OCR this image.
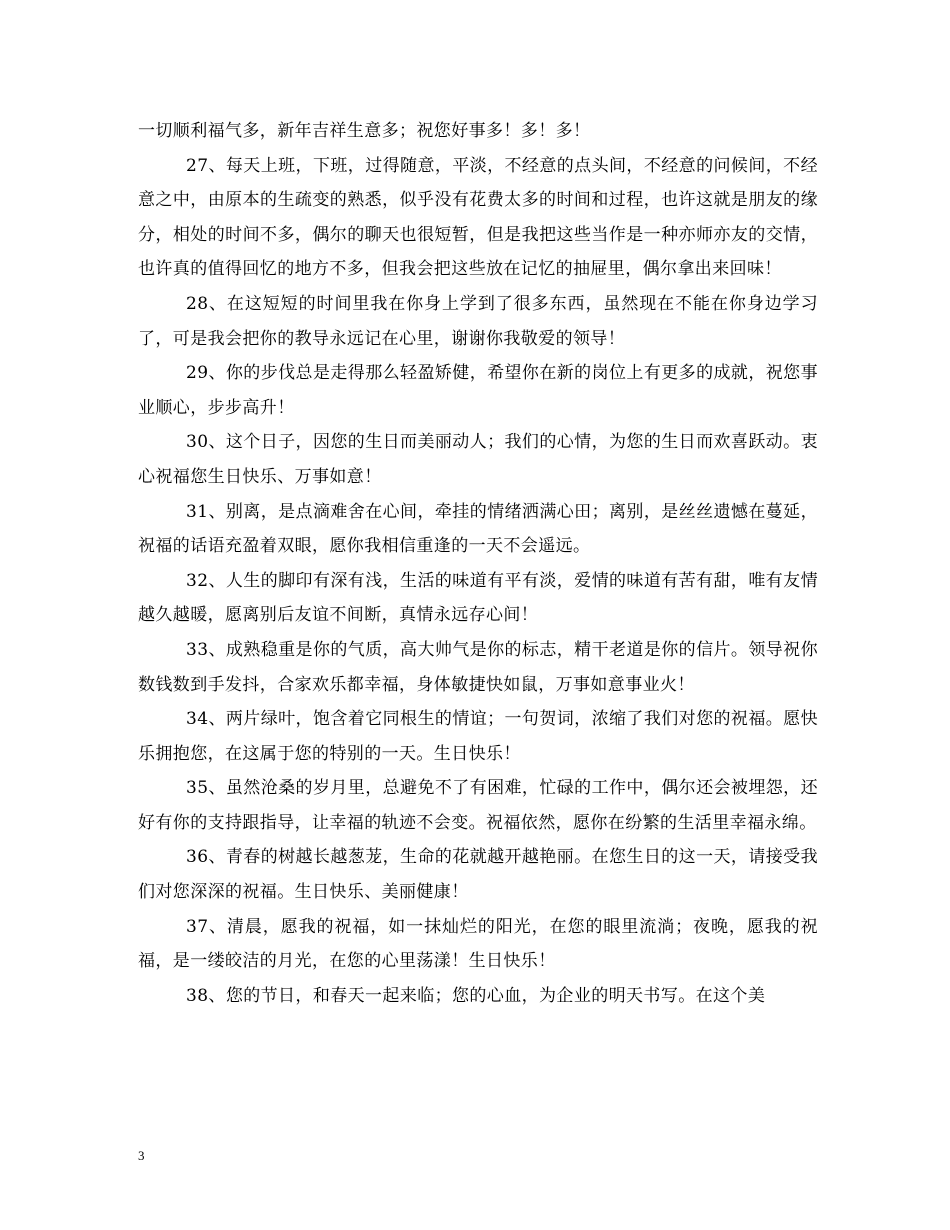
一切顺利福气多，新年吉祥生意多；祝您好事多！多！多！

27、每天上班，下班，过得随意，平淡，不经意的点头间，不经意的问候间，不经意之中，由原本的生疏变的熟悉，似乎没有花费太多的时间和过程，也许这就是朋友的缘分，相处的时间不多，偶尔的聊天也很短暂，但是我把这些当作是一种亦师亦友的交情，也许真的值得回忆的地方不多，但我会把这些放在记忆的抽屉里，偶尔拿出来回味！

28、在这短短的时间里我在你身上学到了很多东西，虽然现在不能在你身边学习了，可是我会把你的教导永远记在心里，谢谢你我敬爱的领导！

29、你的步伐总是走得那么轻盈矫健，希望你在新的岗位上有更多的成就，祝您事业顺心，步步高升！

30、这个日子，因您的生日而美丽动人；我们的心情，为您的生日而欢喜跃动。衷心祝福您生日快乐、万事如意！

31、别离，是点滴难舍在心间，牵挂的情绪洒满心田；离别，是丝丝遗憾在蔓延，祝福的话语充盈着双眼，愿你我相信重逢的一天不会遥远。

32、人生的脚印有深有浅，生活的味道有平有淡，爱情的味道有苦有甜，唯有友情越久越暖，愿离别后友谊不间断，真情永远存心间！

33、成熟稳重是你的气质，高大帅气是你的标志，精干老道是你的信片。领导祝你数钱数到手发抖，合家欢乐都幸福，身体敏捷快如鼠，万事如意事业火！

34、两片绿叶，饱含着它同根生的情谊；一句贺词，浓缩了我们对您的祝福。愿快乐拥抱您，在这属于您的特别的一天。生日快乐！

35、虽然沧桑的岁月里，总避免不了有困难，忙碌的工作中，偶尔还会被埋怨，还好有你的支持跟指导，让幸福的轨迹不会变。祝福依然，愿你在纷繁的生活里幸福永绵。

36、青春的树越长越葱茏，生命的花就越开越艳丽。在您生日的这一天，请接受我们对您深深的祝福。生日快乐、美丽健康！

37、清晨，愿我的祝福，如一抹灿烂的阳光，在您的眼里流淌；夜晚，愿我的祝福，是一缕皎洁的月光，在您的心里荡漾！生日快乐！

38、您的节日，和春天一起来临；您的心血，为企业的明天书写。在这个美

3
